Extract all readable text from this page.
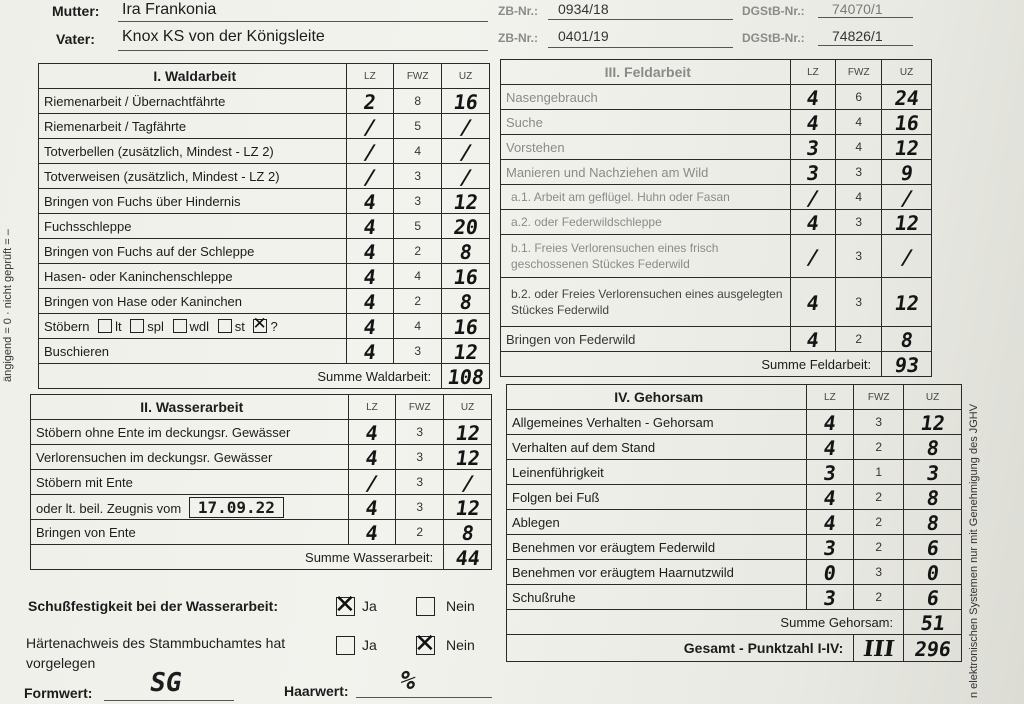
Mutter: Ira Frankonia	ZB-Nr.: 0934/18	DGStB-Nr.: 74070/1
Vater: Knox KS von der Königsleite	ZB-Nr.: 0401/19	DGStB-Nr.: 74826/1
I. Waldarbeit	LZ	FWZ	UZ
Riemenarbeit / Übernachtfährte	2	8	16
Riemenarbeit / Tagfährte	/	5	/
Totverbellen (zusätzlich, Mindest - LZ 2)	/	4	/
Totverweisen (zusätzlich, Mindest - LZ 2)	/	3	/
Bringen von Fuchs über Hindernis	4	3	12
Fuchsschleppe	4	5	20
Bringen von Fuchs auf der Schleppe	4	2	8
Hasen- oder Kaninchenschleppe	4	4	16
Bringen von Hase oder Kaninchen	4	2	8
Stöbern lt spl wdl st ✕ ?	4	4	16
Buschieren	4	3	12
Summe Waldarbeit:			108
II. Wasserarbeit	LZ	FWZ	UZ
Stöbern ohne Ente im deckungsr. Gewässer	4	3	12
Verlorensuchen im deckungsr. Gewässer	4	3	12
Stöbern mit Ente	/	3	/
oder lt. beil. Zeugnis vom 17.09.22	4	3	12
Bringen von Ente	4	2	8
Summe Wasserarbeit:			44
III. Feldarbeit	LZ	FWZ	UZ
Nasengebrauch	4	6	24
Suche	4	4	16
Vorstehen	3	4	12
Manieren und Nachziehen am Wild	3	3	9
a.1. Arbeit am geflügel. Huhn oder Fasan	/	4	/
a.2. oder Federwildschleppe	4	3	12
b.1. Freies Verlorensuchen eines frisch geschossenen Stückes Federwild	/	3	/
b.2. oder Freies Verlorensuchen eines ausgelegten Stückes Federwild	4	3	12
Bringen von Federwild	4	2	8
Summe Feldarbeit:			93
IV. Gehorsam	LZ	FWZ	UZ
Allgemeines Verhalten - Gehorsam	4	3	12
Verhalten auf dem Stand	4	2	8
Leinenführigkeit	3	1	3
Folgen bei Fuß	4	2	8
Ablegen	4	2	8
Benehmen vor eräugtem Federwild	3	2	6
Benehmen vor eräugtem Haarnutzwild	0	3	0
Schußruhe	3	2	6
Summe Gehorsam:			51
Gesamt - Punktzahl I-IV:		III	296
Schußfestigkeit bei der Wasserarbeit: ✕	Ja	Nein
Härtenachweis des Stammbuchamtes hat
vorgelegen
Ja ✕	Nein
Formwert: SG	Haarwert: %
ängigend = 0 · nicht geprüft = –
n elektronischen Systemen nur mit Genehmigung des JGHV
